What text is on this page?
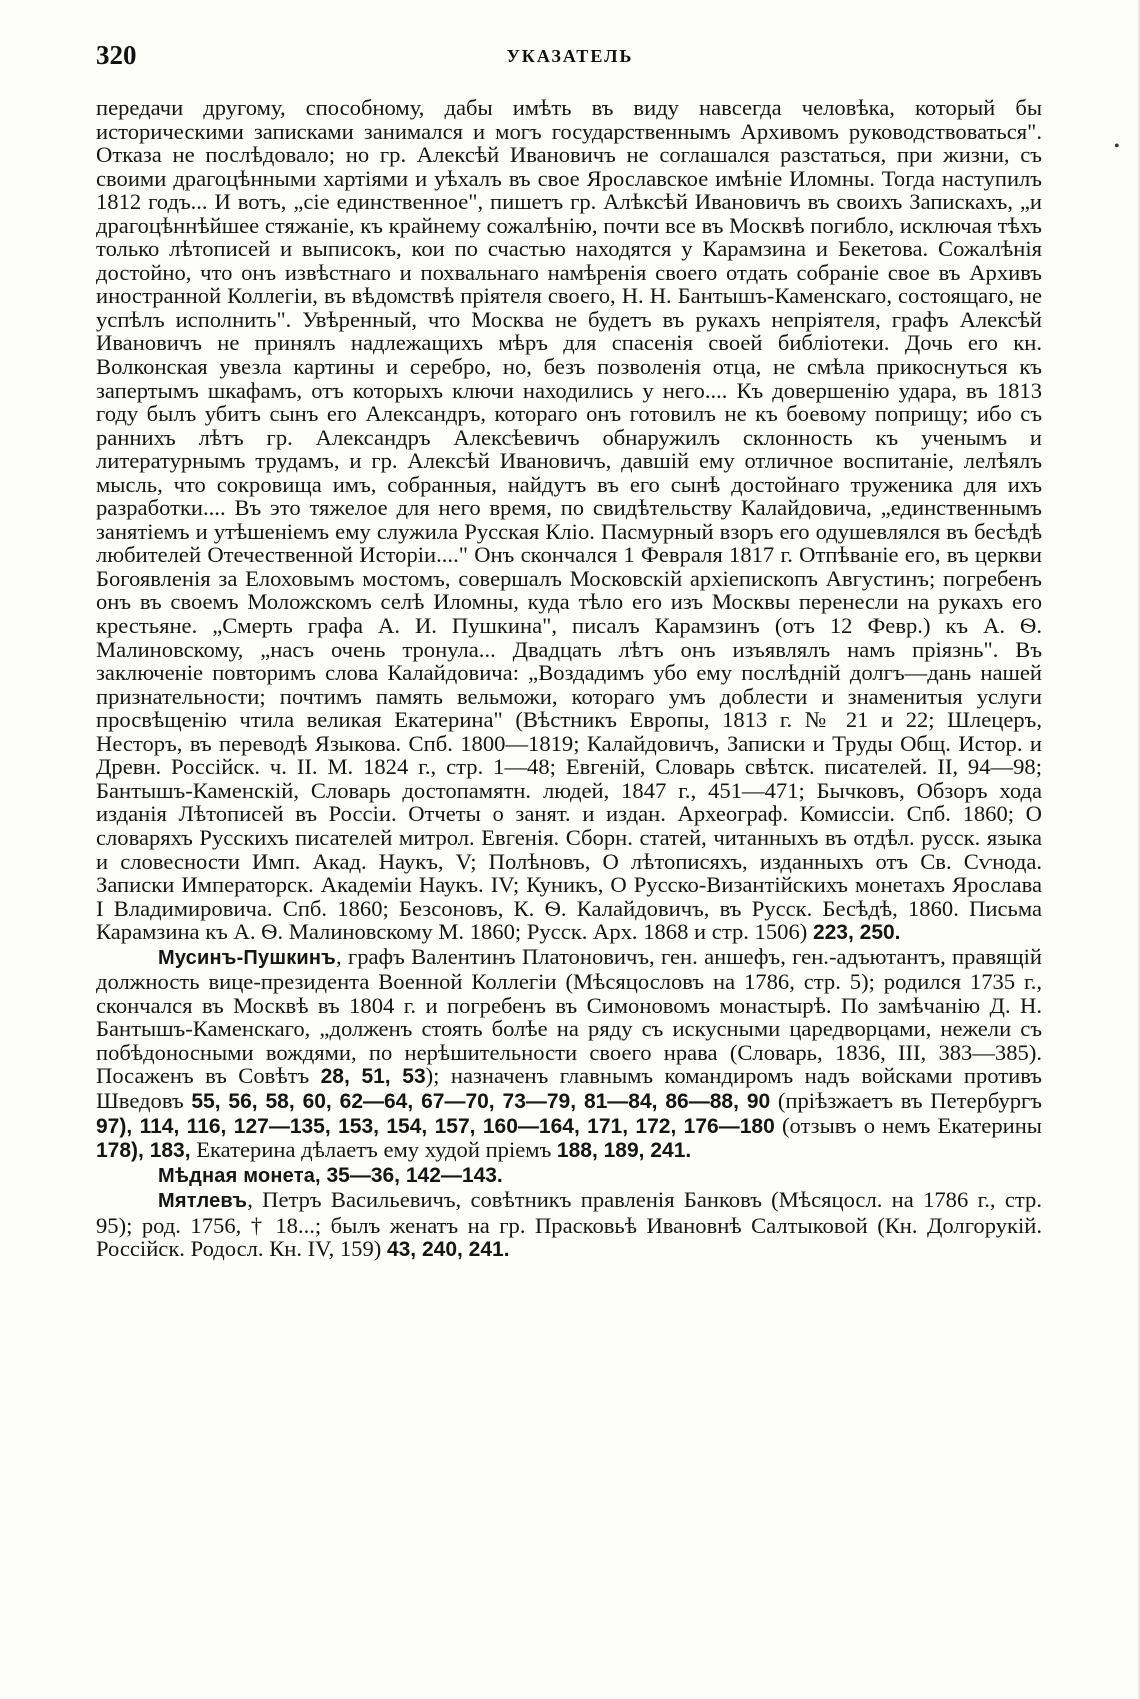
•
320	УКАЗАТЕЛЬ

передачи другому, способному, дабы имѣть въ виду навсегда человѣка, который бы историческими записками занимался и могъ государственнымъ Архивомъ руководствоваться". Отказа не послѣдовало; но гр. Алексѣй Ивановичъ не соглашался разстаться, при жизни, съ своими драгоцѣнными хартіями и уѣхалъ въ свое Ярославское имѣніе Иломны. Тогда наступилъ 1812 годъ... И вотъ, „сіе единственное", пишетъ гр. Алѣксѣй Ивановичъ въ своихъ Запискахъ, „и драгоцѣннѣйшее стяжаніе, къ крайнему сожалѣнію, почти все въ Москвѣ погибло, исключая тѣхъ только лѣтописей и выписокъ, кои по счастью находятся у Карамзина и Бекетова. Сожалѣнія достойно, что онъ извѣстнаго и похвальнаго намѣренія своего отдать собраніе свое въ Архивъ иностранной Коллегіи, въ вѣдомствѣ пріятеля своего, Н. Н. Бантышъ-Каменскаго, состоящаго, не успѣлъ исполнить". Увѣренный, что Москва не будетъ въ рукахъ непріятеля, графъ Алексѣй Ивановичъ не принялъ надлежащихъ мѣръ для спасенія своей библіотеки. Дочь его кн. Волконская увезла картины и серебро, но, безъ позволенія отца, не смѣла прикоснуться къ запертымъ шкафамъ, отъ которыхъ ключи находились у него.... Къ довершенію удара, въ 1813 году былъ убитъ сынъ его Александръ, котораго онъ готовилъ не къ боевому поприщу; ибо съ раннихъ лѣтъ гр. Александръ Алексѣевичъ обнаружилъ склонность къ ученымъ и литературнымъ трудамъ, и гр. Алексѣй Ивановичъ, давшій ему отличное воспитаніе, лелѣялъ мысль, что сокровища имъ, собранныя, найдутъ въ его сынѣ достойнаго труженика для ихъ разработки.... Въ это тяжелое для него время, по свидѣтельству Калайдовича, „единственнымъ занятіемъ и утѣшеніемъ ему служила Русская Кліо. Пасмурный взоръ его одушевлялся въ бесѣдѣ любителей Отечественной Исторіи...." Онъ скончался 1 Февраля 1817 г. Отпѣваніе его, въ церкви Богоявленія за Елоховымъ мостомъ, совершалъ Московскій архіепископъ Августинъ; погребенъ онъ въ своемъ Моложскомъ селѣ Иломны, куда тѣло его изъ Москвы перенесли на рукахъ его крестьяне. „Смерть графа А. И. Пушкина", писалъ Карамзинъ (отъ 12 Февр.) къ А. Ѳ. Малиновскому, „насъ очень тронула... Двадцать лѣтъ онъ изъявлялъ намъ пріязнь". Въ заключеніе повторимъ слова Калайдовича: „Воздадимъ убо ему послѣдній долгъ—дань нашей признательности; почтимъ память вельможи, котораго умъ доблести и знаменитыя услуги просвѣщенію чтила великая Екатерина" (Вѣстникъ Европы, 1813 г. № 21 и 22; Шлецеръ, Несторъ, въ переводѣ Языкова. Спб. 1800—1819; Калайдовичъ, Записки и Труды Общ. Истор. и Древн. Россійск. ч. II. М. 1824 г., стр. 1—48; Евгеній, Словарь свѣтск. писателей. II, 94—98; Бантышъ-Каменскій, Словарь достопамятн. людей, 1847 г., 451—471; Бычковъ, Обзоръ хода изданія Лѣтописей въ Россіи. Отчеты о занят. и издан. Археограф. Комиссіи. Спб. 1860; О словаряхъ Русскихъ писателей митрол. Евгенія. Сборн. статей, читанныхъ въ отдѣл. русск. языка и словесности Имп. Акад. Наукъ, V; Полѣновъ, О лѣтописяхъ, изданныхъ отъ Св. Сѵнода. Записки Императорск. Академіи Наукъ. IV; Куникъ, О Русско-Византійскихъ монетахъ Ярослава I Владимировича. Спб. 1860; Безсоновъ, К. Ѳ. Калайдовичъ, въ Русск. Бесѣдѣ, 1860. Письма Карамзина къ А. Ѳ. Малиновскому М. 1860; Русск. Арх. 1868 и стр. 1506) 223, 250.

Мусинъ-Пушкинъ, графъ Валентинъ Платоновичъ, ген. аншефъ, ген.-адъютантъ, правящій должность вице-президента Военной Коллегіи (Мѣсяцословъ на 1786, стр. 5); родился 1735 г., скончался въ Москвѣ въ 1804 г. и погребенъ въ Симоновомъ монастырѣ. По замѣчанію Д. Н. Бантышъ-Каменскаго, „долженъ стоять болѣе на ряду съ искусными царедворцами, нежели съ побѣдоносными вождями, по нерѣшительности своего нрава (Словарь, 1836, III, 383—385). Посаженъ въ Совѣтъ 28, 51, 53); назначенъ главнымъ командиромъ надъ войсками противъ Шведовъ 55, 56, 58, 60, 62—64, 67—70, 73—79, 81—84, 86—88, 90 (пріѣзжаетъ въ Петербургъ 97), 114, 116, 127—135, 153, 154, 157, 160—164, 171, 172, 176—180 (отзывъ о немъ Екатерины 178), 183, Екатерина дѣлаетъ ему худой пріемъ 188, 189, 241.

Мѣдная монета, 35—36, 142—143.

Мятлевъ, Петръ Васильевичъ, совѣтникъ правленія Банковъ (Мѣсяцосл. на 1786 г., стр. 95); род. 1756, † 18...; былъ женатъ на гр. Прасковьѣ Ивановнѣ Салтыковой (Кн. Долгорукій. Россійск. Родосл. Кн. IV, 159) 43, 240, 241.
